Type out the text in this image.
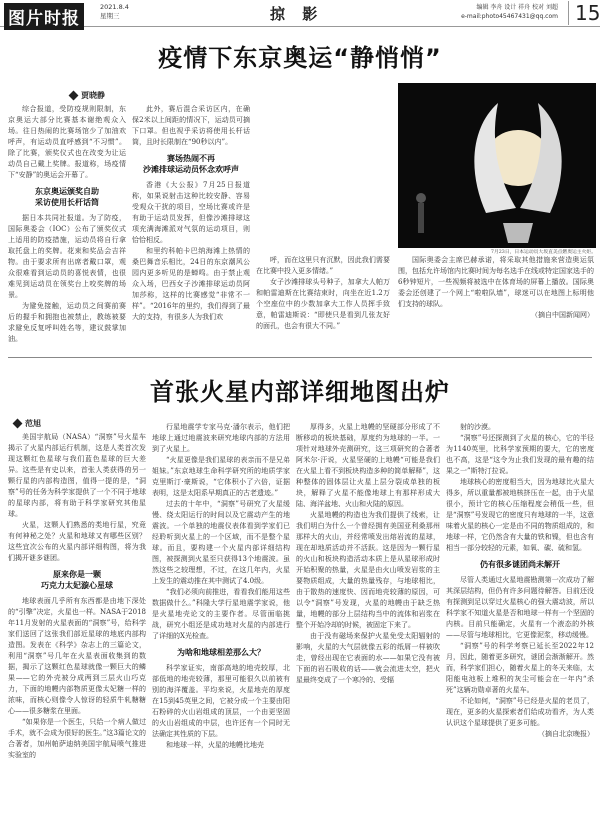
图片时报
2021.8.4
星期三	掠 影	编辑 李舟 设计 祥舟 校对 刘超
e-mail:photo45467431@qq.com 15
疫情下东京奥运“静悄悄”
贾晓静

综合报道，受防疫规则限制，东京奥运大部分比赛基本谢绝观众入场。往日热闹的比赛场馆少了加油欢呼声，有运动员直呼感到“不习惯”。除了比赛，颁奖仪式也在改变为让运动员自己戴上奖牌。报道称，场疫情下“安静”的奥运会开幕了。

东京奥运颁奖自助
采访使用长杆话筒

据日本共同社报道。为了防疫，国际奥委会（IOC）公布了颁奖仪式上适用的防疫措施，运动员将自行拿取托盘上的奖牌。花束和奖品会吉祥物。由于要求所有出席者戴口罩，观众很难看到运动员的喜悦表情，也很难见到运动员在领奖台上咬奖牌的场景。

为避免接触，运动员之间赛前赛后的握手和拥抱也被禁止，教练被要求避免反复呼叫姓名等，建议鼓掌加油。

此外，赛后混合采访区内，在确保2米以上间距的情况下，运动员可摘下口罩。但也视乎采访将使用长杆话筒，且时长限制在“90秒以内”。

赛场热闹不再
沙滩排球运动员怀念欢呼声

香港《大公报》7月25日报道称，如果说射击这种比较安静、容易受观众干扰的项目，空场比赛或许是有助于运动员发挥，但像沙滩排球这项充满海滩派对气氛的运动项目，则恰恰相反。

和里约科帕卡巴纳海滩上热情的桑巴舞音乐相比，24日的东京潮风公园内更多听见的是蝉鸣。由于禁止观众入场，巴西女子沙滩排球运动员阿加莎称，这样的比赛感觉“非常不一样”。“2016年的里约，我们得到了最大的支持，有很多人为我们欢

呼，而在这里只有沉默，因此我们需要在比赛中投入更多情绪。”

女子沙滩排球头号种子，加拿大人帕万和帕雷迪斯在比赛结束时，向坐在近1.2万个空座位中的少数加拿大工作人员挥手致意，帕雷迪斯说：“即使只是看到几张友好的面孔，也会有很大不同。”

7月23日，日本运动员大坂直美点燃奥运主火炬。

国际奥委会主席巴赫承诺，将采取其他措施来营造奥运氛围，包括允许场馆内比赛时间为每名选手在线或特定国家选手的6秒钟短片，一些视频将被选中在体育场的屏幕上播放。国际奥委会还创建了一个网上“啦啦队墙”，球迷可以在地图上标明他们支持的球队。

（摘自中国新闻网）
首张火星内部详细地图出炉
范旭

美国宇航局（NASA）“洞察”号火星车揭示了火星内部运行机制，这是人类首次发现这颗红色星球与我们蓝色星球的巨大差异。这些是有史以来，首张人类获得的另一颗行星的内部构造图，值得一提的是，“洞察”号的任务为科学家提供了一个不同于地球的星球内部，将有助于科学家研究其他星球。

火星，这颗人们熟悉的类地行星，究竟有何神秘之处？火星和地球又有哪些区别？这些宜次公布的火星内部详细构图，将为我们揭开谜多谜团。

原来你是一颗
巧克力太妃漩心星球

地球表面几乎所有东西都是由地下深处的“引擎”决定，火星也一样。NASA于2018年11月发射的火星表面的“洞察”号，给科学家们送回了这张我们部近星球的地底内部构造图。发表在《科学》杂志上的三篇论文，利用“洞察”号几年在火星表面收集到的数据，揭示了这颗红色星球就像一颗巨大的鳞果——它的外壳被分成两到三层火山巧克力，下面的地幔内部物质更像太妃糖一样的浓味，而核心则像令人惊讶的轻质牛轧糖糖心——很多糖浆在里面。

“如果你是一个医生，只给一个病人做过手术，就不会成为很好的医生。”这3篇论文的合著者，加州帕萨迪纳美国宇航局喷气推进实验室的

行星地震学专家马克·潘尔表示，他们把地球上通过地震波来研究地球内部的方法用到了火星上。

“火星更像是我们星球的表亲而不是兄弟姐妹。”东京地球生命科学研究所的地质学家克里斯汀·豪斯说，“它体积小了六倍，证据表明，这是太阳系早期真正的古老遗迹。”

过去的十年中，“洞察”号研究了火星缓慢、绕太阳运行的时间以及它震动产生的地震波。一个单独的地震仪表体看到学家们已经聆听到火星上的一个区域，而不是整个星球。而且，要构建一个火星内部详细结构图，被探测到火星至只获得13个地震波。虽然这些之较理想，不过，在这几年内，火星上发生的震动推在其中测试了4.0级。

“我们必须向前推进，看看我们能用这些数据做什么。”科隆大学行星地震学家说，他是火星地壳论文的主要作者。尽管面临挑战，研究小组还是成功地对火星的内部进行了详细的X光检查。

为啥和地球相差那么大？

科学家证实，南部高地的地壳较厚，北部低地的地壳较薄，那里可能很久以前被有别的海洋覆盖。平均来说，火星地壳的厚度在15到45英里之间，它被分成一个主要由阳石粉碎的火山岩组成的顶层，一个由更坚固的火山岩组成的中层，也许还有一个同时无法确定其性质的下层。

和地球一样，火星的地幔比地壳

厚得多，火星上地幔的坚硬部分形成了不断移动的板块基础，厚度约为地球的一半。一项针对地球外壳测研究，这三项研究的合著者阿米尔·汗说，火星坚硬的上地幔“可能是我们在火星上看不到板块构造多种的简单解释”，这种整体的固体层让火星上层分裂成单独的板块，解释了火星不能像地球上有那样形成大陆、海洋盆地、火山和火陆的原因。

火星地幔的构造也为我们提供了线索，让我们明白为什么一个曾经拥有美国亚利桑那州那样大的火山，并经常喷发出熔岩流的星球，现在却地质活动并不活跃。这是因为一颗行星的火山和板块构造活动本质上是从星球形成时开始积聚的热量，火星是由火山喷发岩浆的主要物质组成，大量的热量残存，与地球相比，由于散热的速度快、因而地壳较薄的原因，可以令“洞察”号发现，火星的地幔由于缺乏热量，地幔的部分上层结构当中的流体和岩浆在整个开始冷却的时候，被固定下来了。

由于没有磁场来保护火星免受太阳辐射的影响，火星的大气层就像五彩的纸屑一样被吹走，曾经出现在它表面的水——如果它没有被下面的岩石吸收的话——就会流进太空，把火星最终变成了一个寒冷的、受辐

射的沙漠。

“洞察”号还探测到了火星的核心，它的半径为1140英里，比科学家预期的要大，它的密度也不高，这是“这令为止我们发现的最有趣的结果之一”斯特汀拉说。

地球核心的密度相当大，因为地球比火星大得多，所以重量都被地核挤压在一起，由于火星很小，预计它的核心压缩程度会稍低一些，但是“洞察”号发现它的密度只有地球的一半，这意味着火星的核心一定是由不同的物质组成的，和地球一样，它仍然含有大量的铁和镍，但也含有相当一部分较轻的元素，如氧、碳、硫和氢。

仍有很多谜团尚未解开

尽管人类通过火星地震勘测第一次成功了解其深层结构，但仍有许多问题待解答。目前还没有探测到足以穿过火星核心的强大震动波，所以科学家不知道火星是否和地球一样有一个坚固的内核。目前只能确定，火星有一个液态的外核——尽管与地球相比，它更像泥浆，移动缓慢。

“洞察”号的科学考察已延长至2022年12月，因此，随着更多研究，谜团会渐渐解开。然而，科学家们担心，随着火星上的冬天来临，太阳能电池板上堆积的灰尘可能会在一年内“杀死”这辆功勋卓著的火星车。

不论如何，“洞察”号已经是火星的老员了，现在，更多的火星探索者们给成功看齐，为人类认识这个星球提供了更多可能。

（摘自北京晚报）
